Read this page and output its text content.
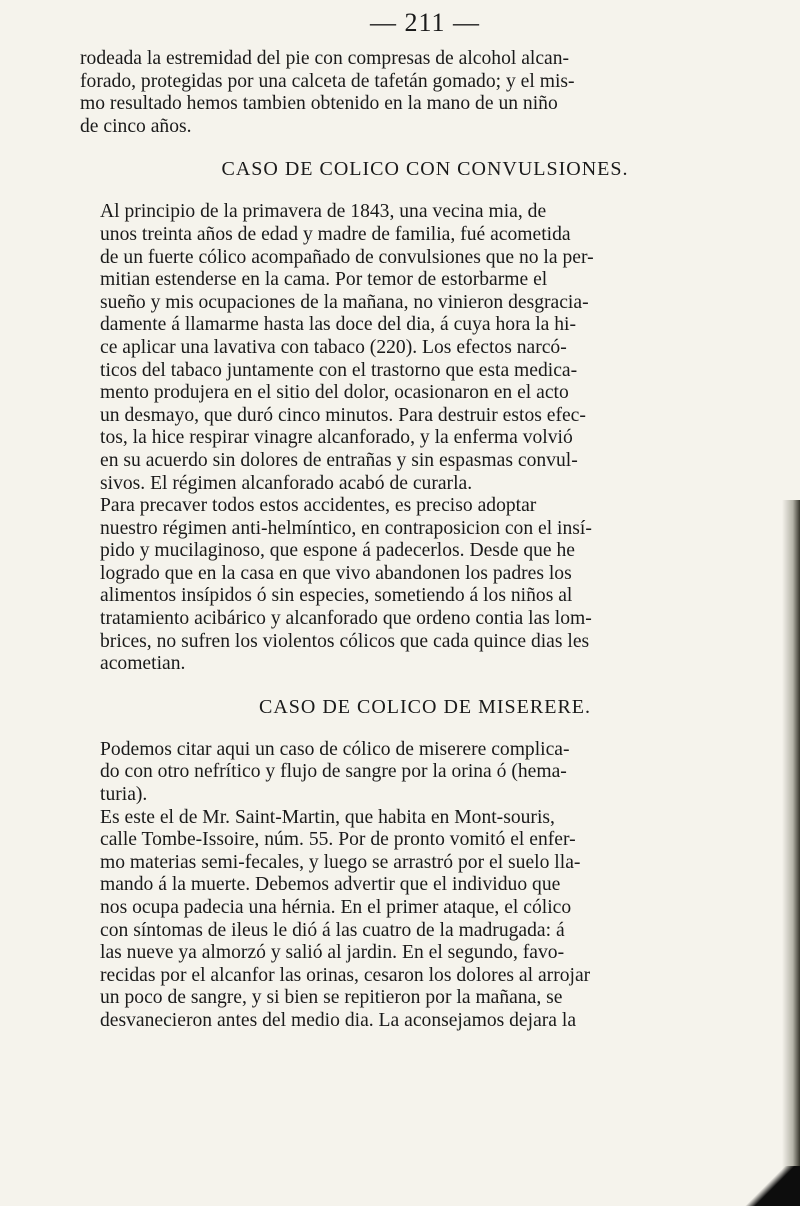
— 211 —
rodeada la estremidad del pie con compresas de alcohol alcan-
forado, protegidas por una calceta de tafetán gomado; y el mis-
mo resultado hemos tambien obtenido en la mano de un niño
de cinco años.
CASO DE COLICO CON CONVULSIONES.
Al principio de la primavera de 1843, una vecina mia, de
unos treinta años de edad y madre de familia, fué acometida
de un fuerte cólico acompañado de convulsiones que no la per-
mitian estenderse en la cama. Por temor de estorbarme el
sueño y mis ocupaciones de la mañana, no vinieron desgracia-
damente á llamarme hasta las doce del dia, á cuya hora la hi-
ce aplicar una lavativa con tabaco (220). Los efectos narcó-
ticos del tabaco juntamente con el trastorno que esta medica-
mento produjera en el sitio del dolor, ocasionaron en el acto
un desmayo, que duró cinco minutos. Para destruir estos efec-
tos, la hice respirar vinagre alcanforado, y la enferma volvió
en su acuerdo sin dolores de entrañas y sin espasmas convul-
sivos. El régimen alcanforado acabó de curarla.
Para precaver todos estos accidentes, es preciso adoptar
nuestro régimen anti-helmíntico, en contraposicion con el insí-
pido y mucilaginoso, que espone á padecerlos. Desde que he
logrado que en la casa en que vivo abandonen los padres los
alimentos insípidos ó sin especies, sometiendo á los niños al
tratamiento acibárico y alcanforado que ordeno contia las lom-
brices, no sufren los violentos cólicos que cada quince dias les
acometian.
CASO DE COLICO DE MISERERE.
Podemos citar aqui un caso de cólico de miserere complica-
do con otro nefrítico y flujo de sangre por la orina ó (hema-
turia).
Es este el de Mr. Saint-Martin, que habita en Mont-souris,
calle Tombe-Issoire, núm. 55. Por de pronto vomitó el enfer-
mo materias semi-fecales, y luego se arrastró por el suelo lla-
mando á la muerte. Debemos advertir que el individuo que
nos ocupa padecia una hérnia. En el primer ataque, el cólico
con síntomas de ileus le dió á las cuatro de la madrugada: á
las nueve ya almorzó y salió al jardin. En el segundo, favo-
recidas por el alcanfor las orinas, cesaron los dolores al arrojar
un poco de sangre, y si bien se repitieron por la mañana, se
desvanecieron antes del medio dia. La aconsejamos dejara la
